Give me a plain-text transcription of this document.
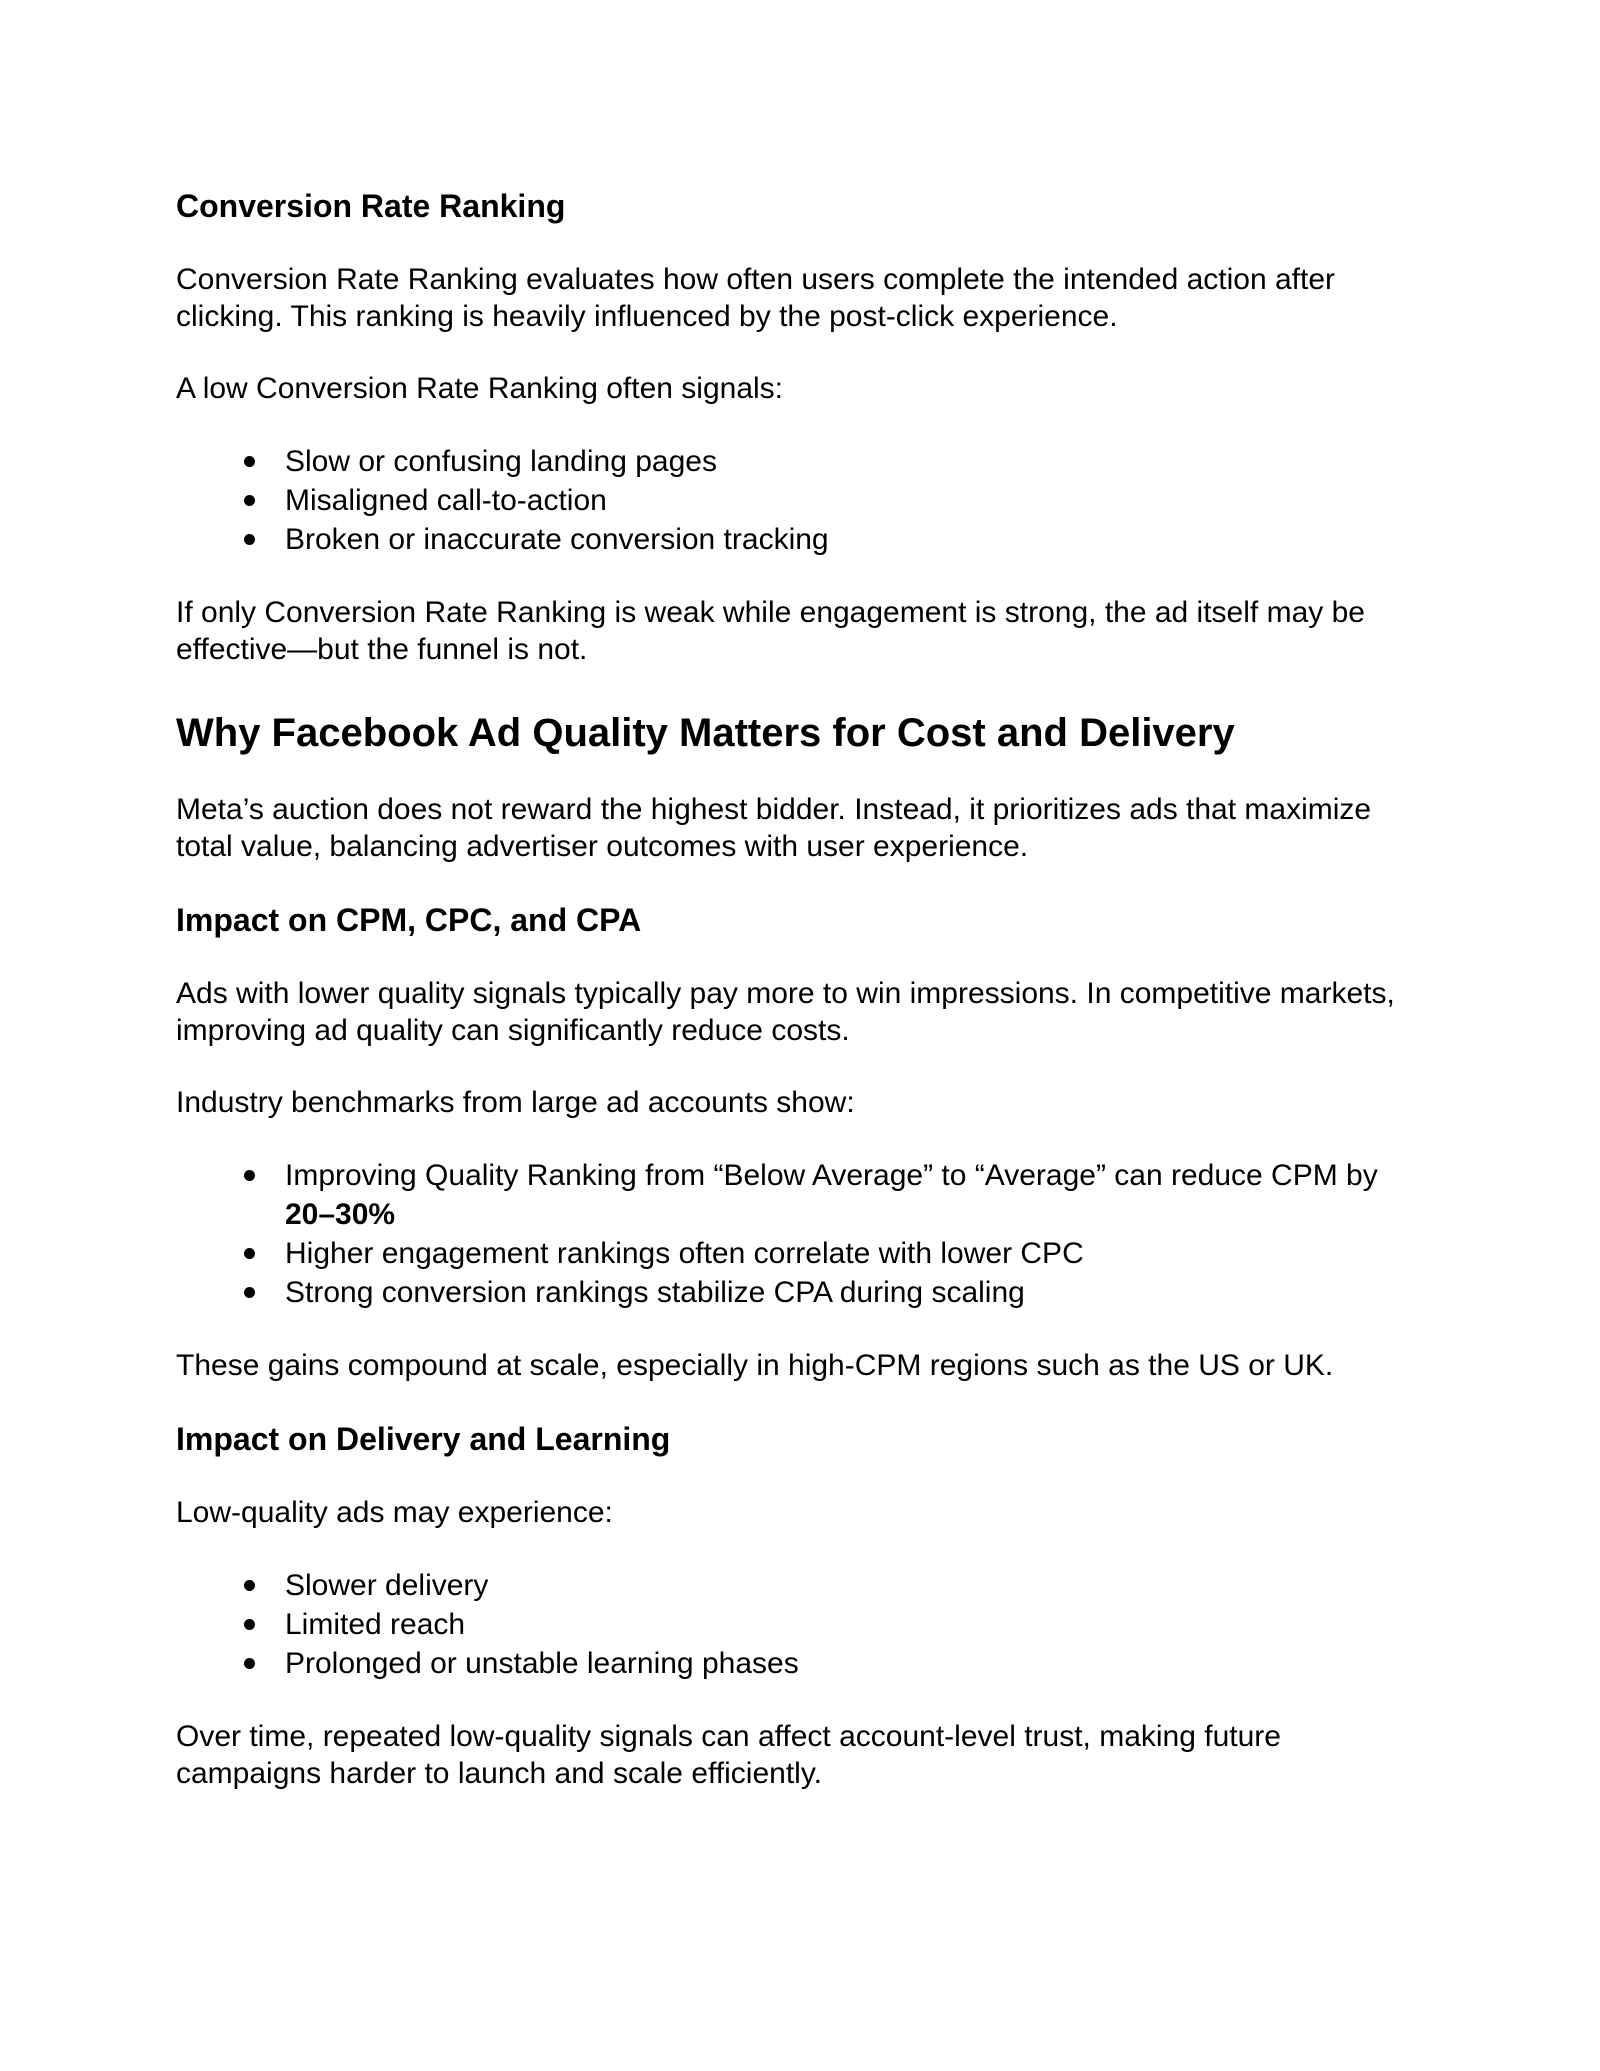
Conversion Rate Ranking

Conversion Rate Ranking evaluates how often users complete the intended action after clicking. This ranking is heavily influenced by the post-click experience.

A low Conversion Rate Ranking often signals:

Slow or confusing landing pages
Misaligned call-to-action
Broken or inaccurate conversion tracking

If only Conversion Rate Ranking is weak while engagement is strong, the ad itself may be effective—but the funnel is not.

Why Facebook Ad Quality Matters for Cost and Delivery

Meta’s auction does not reward the highest bidder. Instead, it prioritizes ads that maximize total value, balancing advertiser outcomes with user experience.

Impact on CPM, CPC, and CPA

Ads with lower quality signals typically pay more to win impressions. In competitive markets, improving ad quality can significantly reduce costs.

Industry benchmarks from large ad accounts show:

Improving Quality Ranking from “Below Average” to “Average” can reduce CPM by 20–30%
Higher engagement rankings often correlate with lower CPC
Strong conversion rankings stabilize CPA during scaling

These gains compound at scale, especially in high-CPM regions such as the US or UK.

Impact on Delivery and Learning

Low-quality ads may experience:

Slower delivery
Limited reach
Prolonged or unstable learning phases

Over time, repeated low-quality signals can affect account-level trust, making future campaigns harder to launch and scale efficiently.
